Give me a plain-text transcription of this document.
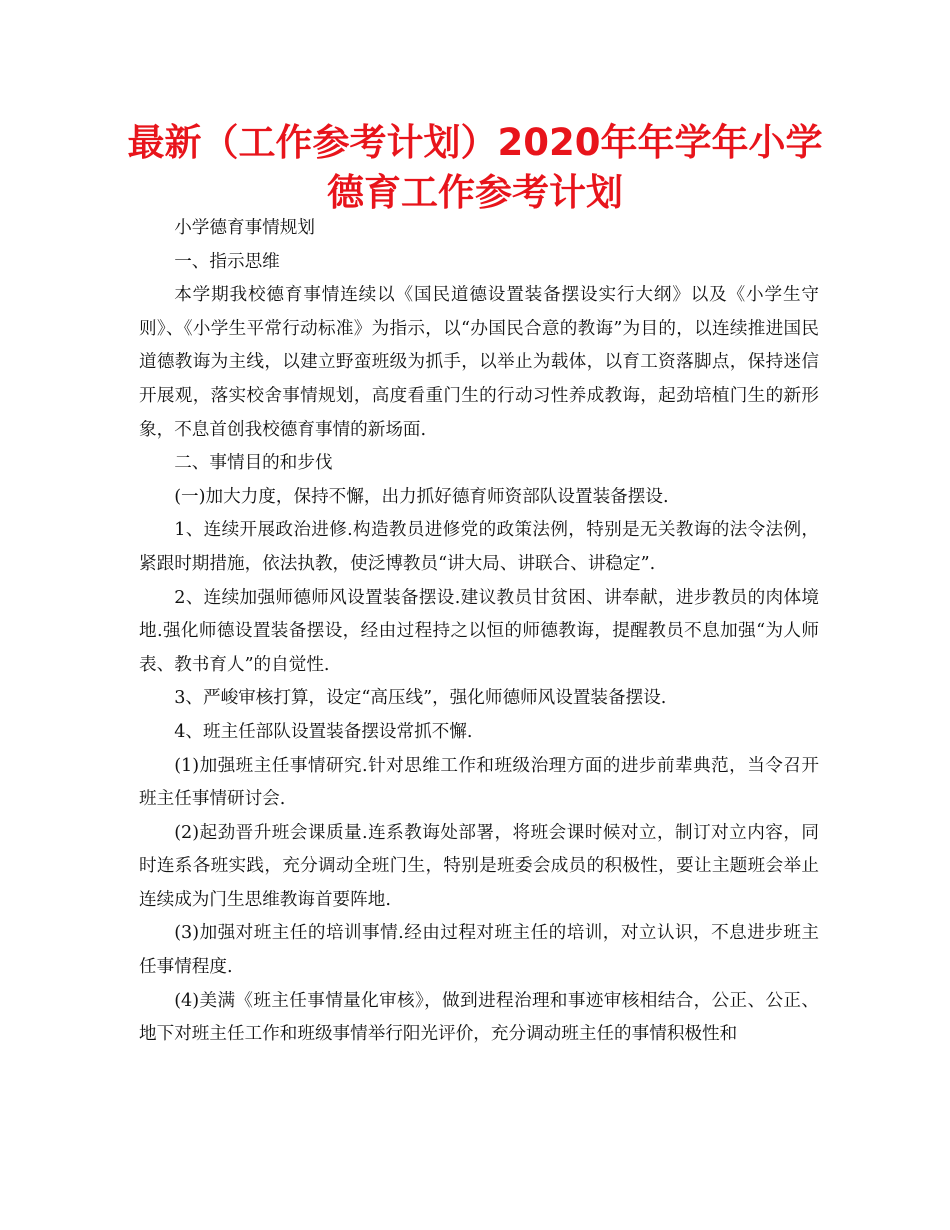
最新（工作参考计划）2020年年学年小学
德育工作参考计划

小学德育事情规划

一、指示思维

本学期我校德育事情连续以《国民道德设置装备摆设实行大纲》以及《小学生守则》、《小学生平常行动标准》为指示，以“办国民合意的教诲”为目的，以连续推进国民道德教诲为主线，以建立野蛮班级为抓手，以举止为载体，以育工资落脚点，保持迷信开展观，落实校舍事情规划，高度看重门生的行动习性养成教诲，起劲培植门生的新形象，不息首创我校德育事情的新场面.

二、事情目的和步伐

(一)加大力度，保持不懈，出力抓好德育师资部队设置装备摆设.

1、连续开展政治进修.构造教员进修党的政策法例，特别是无关教诲的法令法例，紧跟时期措施，依法执教，使泛博教员“讲大局、讲联合、讲稳定”.

2、连续加强师德师风设置装备摆设.建议教员甘贫困、讲奉献，进步教员的肉体境地.强化师德设置装备摆设，经由过程持之以恒的师德教诲，提醒教员不息加强“为人师表、教书育人”的自觉性.

3、严峻审核打算，设定“高压线”，强化师德师风设置装备摆设.

4、班主任部队设置装备摆设常抓不懈.

(1)加强班主任事情研究.针对思维工作和班级治理方面的进步前辈典范，当令召开班主任事情研讨会.

(2)起劲晋升班会课质量.连系教诲处部署，将班会课时候对立，制订对立内容，同时连系各班实践，充分调动全班门生，特别是班委会成员的积极性，要让主题班会举止连续成为门生思维教诲首要阵地.

(3)加强对班主任的培训事情.经由过程对班主任的培训，对立认识，不息进步班主任事情程度.

(4)美满《班主任事情量化审核》，做到进程治理和事迹审核相结合，公正、公正、地下对班主任工作和班级事情举行阳光评价，充分调动班主任的事情积极性和
